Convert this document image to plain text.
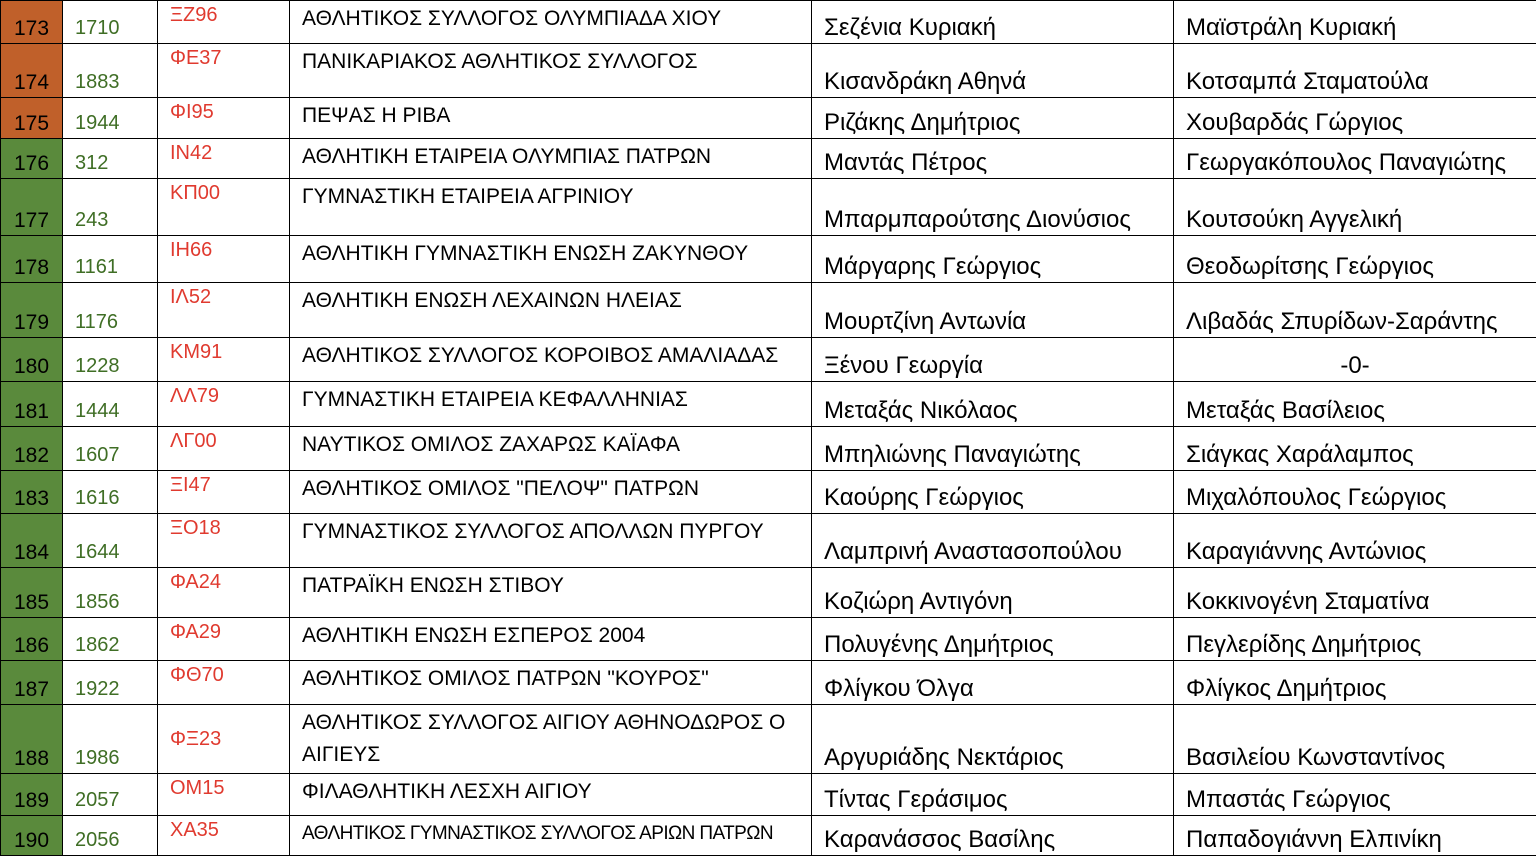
173	1710	ΞΖ96	ΑΘΛΗΤΙΚΟΣ ΣΥΛΛΟΓΟΣ ΟΛΥΜΠΙΑΔΑ ΧΙΟΥ	Σεζένια Κυριακή	Μαϊστράλη Κυριακή
174	1883	ΦΕ37	ΠΑΝΙΚΑΡΙΑΚΟΣ ΑΘΛΗΤΙΚΟΣ ΣΥΛΛΟΓΟΣ	Κισανδράκη Αθηνά	Κοτσαμπά Σταματούλα
175	1944	ΦΙ95	ΠΕΨΑΣ Η ΡΙΒΑ	Ριζάκης Δημήτριος	Χουβαρδάς Γώργιος
176	312	ΙΝ42	ΑΘΛΗΤΙΚΗ ΕΤΑΙΡΕΙΑ ΟΛΥΜΠΙΑΣ ΠΑΤΡΩΝ	Μαντάς Πέτρος	Γεωργακόπουλος Παναγιώτης
177	243	ΚΠ00	ΓΥΜΝΑΣΤΙΚΗ ΕΤΑΙΡΕΙΑ ΑΓΡΙΝΙΟΥ	Μπαρμπαρούτσης Διονύσιος	Κουτσούκη Αγγελική
178	1161	ΙΗ66	ΑΘΛΗΤΙΚΗ ΓΥΜΝΑΣΤΙΚΗ ΕΝΩΣΗ ΖΑΚΥΝΘΟΥ	Μάργαρης Γεώργιος	Θεοδωρίτσης Γεώργιος
179	1176	ΙΛ52	ΑΘΛΗΤΙΚΗ ΕΝΩΣΗ ΛΕΧΑΙΝΩΝ ΗΛΕΙΑΣ	Μουρτζίνη Αντωνία	Λιβαδάς Σπυρίδων-Σαράντης
180	1228	ΚΜ91	ΑΘΛΗΤΙΚΟΣ ΣΥΛΛΟΓΟΣ ΚΟΡΟΙΒΟΣ ΑΜΑΛΙΑΔΑΣ	Ξένου Γεωργία	-0-
181	1444	ΛΛ79	ΓΥΜΝΑΣΤΙΚΗ ΕΤΑΙΡΕΙΑ ΚΕΦΑΛΛΗΝΙΑΣ	Μεταξάς Νικόλαος	Μεταξάς Βασίλειος
182	1607	ΛΓ00	ΝΑΥΤΙΚΟΣ ΟΜΙΛΟΣ ΖΑΧΑΡΩΣ ΚΑΪΑΦΑ	Μπηλιώνης Παναγιώτης	Σιάγκας Χαράλαμπος
183	1616	ΞΙ47	ΑΘΛΗΤΙΚΟΣ ΟΜΙΛΟΣ "ΠΕΛΟΨ" ΠΑΤΡΩΝ	Καούρης Γεώργιος	Μιχαλόπουλος Γεώργιος
184	1644	ΞΟ18	ΓΥΜΝΑΣΤΙΚΟΣ ΣΥΛΛΟΓΟΣ ΑΠΟΛΛΩΝ ΠΥΡΓΟΥ	Λαμπρινή Αναστασοπούλου	Καραγιάννης Αντώνιος
185	1856	ΦΑ24	ΠΑΤΡΑΪΚΗ ΕΝΩΣΗ ΣΤΙΒΟΥ	Κοζιώρη Αντιγόνη	Κοκκινογένη Σταματίνα
186	1862	ΦΑ29	ΑΘΛΗΤΙΚΗ ΕΝΩΣΗ ΕΣΠΕΡΟΣ 2004	Πολυγένης Δημήτριος	Πεγλερίδης Δημήτριος
187	1922	ΦΘ70	ΑΘΛΗΤΙΚΟΣ ΟΜΙΛΟΣ ΠΑΤΡΩΝ "ΚΟΥΡΟΣ"	Φλίγκου Όλγα	Φλίγκος Δημήτριος
188	1986	ΦΞ23	ΑΘΛΗΤΙΚΟΣ ΣΥΛΛΟΓΟΣ ΑΙΓΙΟΥ ΑΘΗΝΟΔΩΡΟΣ Ο ΑΙΓΙΕΥΣ	Αργυριάδης Νεκτάριος	Βασιλείου Κωνσταντίνος
189	2057	ΟΜ15	ΦΙΛΑΘΛΗΤΙΚΗ ΛΕΣΧΗ ΑΙΓΙΟΥ	Τίντας Γεράσιμος	Μπαστάς Γεώργιος
190	2056	ΧΑ35	ΑΘΛΗΤΙΚΟΣ ΓΥΜΝΑΣΤΙΚΟΣ ΣΥΛΛΟΓΟΣ ΑΡΙΩΝ ΠΑΤΡΩΝ	Καρανάσσος Βασίλης	Παπαδογιάννη Ελπινίκη
